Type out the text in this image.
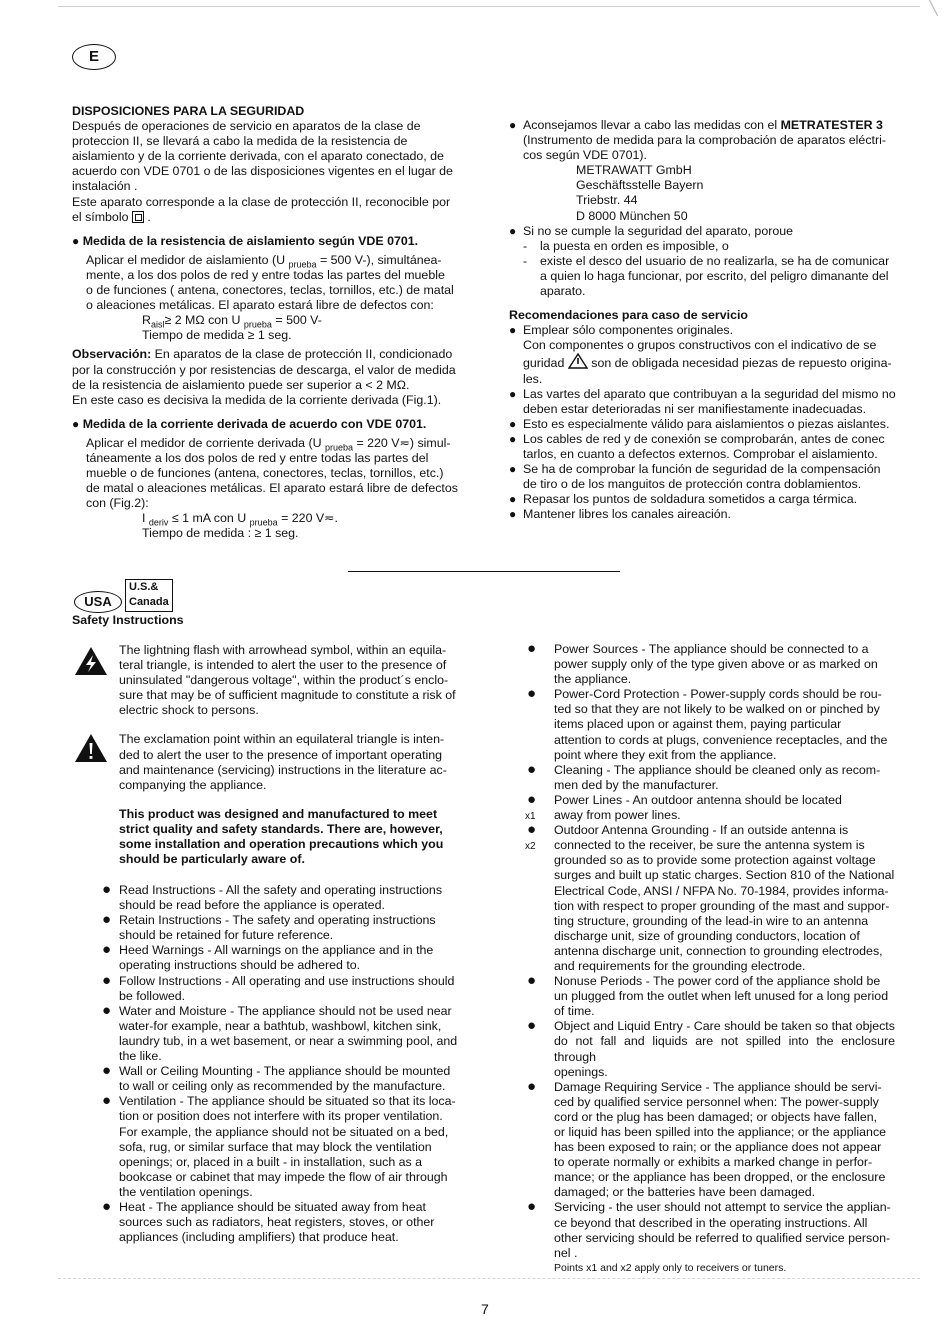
╲
E

DISPOSICIONES PARA LA SEGURIDAD

Después de operaciones de servicio en aparatos de la clase de

proteccion II, se llevará a cabo la medida de la resistencia de

aislamiento y de la corriente derivada, con el aparato conectado, de

acuerdo con VDE 0701 o de las disposiciones vigentes en el lugar de

instalación .

Este aparato corresponde a la clase de protección II, reconocible por

el símbolo .

● Medida de la resistencia de aislamiento según VDE 0701.

Aplicar el medidor de aislamiento (U $_{prueba}$ = 500 V-), simultánea-

mente, a los dos polos de red y entre todas las partes del mueble

o de funciones ( antena, conectores, teclas, tornillos, etc.) de matal

o aleaciones metálicas. El aparato estará libre de defectos con:

$R_{aisl}\ge 2$ MΩ con U $_{prueba}$ = 500 V-

Tiempo de medida ≥ 1 seg.

Observación: En aparatos de la clase de protección II, condicionado

por la construcción y por resistencias de descarga, el valor de medida

de la resistencia de aislamiento puede ser superior a < 2 MΩ.

En este caso es decisiva la medida de la corriente derivada (Fig.1).

● Medida de la corriente derivada de acuerdo con VDE 0701.

Aplicar el medidor de corriente derivada (U $_{prueba}$ = 220 V≂) simul-

táneamente a los dos polos de red y entre todas las partes del

mueble o de funciones (antena, conectores, teclas, tornillos, etc.)

de matal o aleaciones metálicas. El aparato estará libre de defectos

con (Fig.2):

I $_{deriv}$ ≤ 1 mA con U $_{prueba}$ = 220 V≂.

Tiempo de medida : ≥ 1 seg.

● Aconsejamos llevar a cabo las medidas con el METRATESTER 3

(Instrumento de medida para la comprobación de aparatos eléctri-

cos según VDE 0701).

METRAWATT GmbH

Geschäftsstelle Bayern

Triebstr. 44

D 8000 München 50

● Si no se cumple la seguridad del aparato, poroue

- la puesta en orden es imposible, o

- existe el desco del usuario de no realizarla, se ha de comunicar

a quien lo haga funcionar, por escrito, del peligro dimanante del

aparato.

Recomendaciones para caso de servicio

● Emplear sólo componentes originales.

Con componentes o grupos constructivos con el indicativo de se

guridad son de obligada necesidad piezas de repuesto origina-

les.

● Las vartes del aparato que contribuyan a la seguridad del mismo no

deben estar deterioradas ni ser manifiestamente inadecuadas.

● Esto es especialmente válido para aislamientos o piezas aislantes.

● Los cables de red y de conexión se comprobarán, antes de conec

tarlos, en cuanto a defectos externos. Comprobar el aislamiento.

● Se ha de comprobar la función de seguridad de la compensación

de tiro o de los manguitos de protección contra doblamientos.

● Repasar los puntos de soldadura sometidos a carga térmica.

● Mantener libres los canales aireación.

USA
U.S.&
Canada
Safety Instructions

The lightning flash with arrowhead symbol, within an equila-

teral triangle, is intended to alert the user to the presence of

uninsulated "dangerous voltage", within the product´s enclo-

sure that may be of sufficient magnitude to constitute a risk of

electric shock to persons.

The exclamation point within an equilateral triangle is inten-

ded to alert the user to the presence of important operating

and maintenance (servicing) instructions in the literature ac-

companying the appliance.

This product was designed and manufactured to meet

strict quality and safety standards. There are, however,

some installation and operation precautions which you

should be particularly aware of.

● Read Instructions - All the safety and operating instructions

should be read before the appliance is operated.

● Retain Instructions - The safety and operating instructions

should be retained for future reference.

● Heed Warnings - All warnings on the appliance and in the

operating instructions should be adhered to.

● Follow Instructions - All operating and use instructions should

be followed.

● Water and Moisture - The appliance should not be used near

water-for example, near a bathtub, washbowl, kitchen sink,

laundry tub, in a wet basement, or near a swimming pool, and

the like.

● Wall or Ceiling Mounting - The appliance should be mounted

to wall or ceiling only as recommended by the manufacture.

● Ventilation - The appliance should be situated so that its loca-

tion or position does not interfere with its proper ventilation.

For example, the appliance should not be situated on a bed,

sofa, rug, or similar surface that may block the ventilation

openings; or, placed in a built - in installation, such as a

bookcase or cabinet that may impede the flow of air through

the ventilation openings.

● Heat - The appliance should be situated away from heat

sources such as radiators, heat registers, stoves, or other

appliances (including amplifiers) that produce heat.

● Power Sources - The appliance should be connected to a

power supply only of the type given above or as marked on

the appliance.

● Power-Cord Protection - Power-supply cords should be rou-

ted so that they are not likely to be walked on or pinched by

items placed upon or against them, paying particular

attention to cords at plugs, convenience receptacles, and the

point where they exit from the appliance.

● Cleaning - The appliance should be cleaned only as recom-

men ded by the manufacturer.

●
x1

Power Lines - An outdoor antenna should be located

away from power lines.

●
x2

Outdoor Antenna Grounding - If an outside antenna is

connected to the receiver, be sure the antenna system is

grounded so as to provide some protection against voltage

surges and built up static charges. Section 810 of the National

Electrical Code, ANSI / NFPA No. 70-1984, provides informa-

tion with respect to proper grounding of the mast and suppor-

ting structure, grounding of the lead-in wire to an antenna

discharge unit, size of grounding conductors, location of

antenna discharge unit, connection to grounding electrodes,

and requirements for the grounding electrode.

● Nonuse Periods - The power cord of the appliance shold be

un plugged from the outlet when left unused for a long period

of time.

● Object and Liquid Entry - Care should be taken so that objects

do not fall and liquids are not spilled into the enclosure through

openings.

● Damage Requiring Service - The appliance should be servi-

ced by qualified service personnel when: The power-supply

cord or the plug has been damaged; or objects have fallen,

or liquid has been spilled into the appliance; or the appliance

has been exposed to rain; or the appliance does not appear

to operate normally or exhibits a marked change in perfor-

mance; or the appliance has been dropped, or the enclosure

damaged; or the batteries have been damaged.

● Servicing - the user should not attempt to service the applian-

ce beyond that described in the operating instructions. All

other servicing should be referred to qualified service person-

nel .

Points x1 and x2 apply only to receivers or tuners.

7
